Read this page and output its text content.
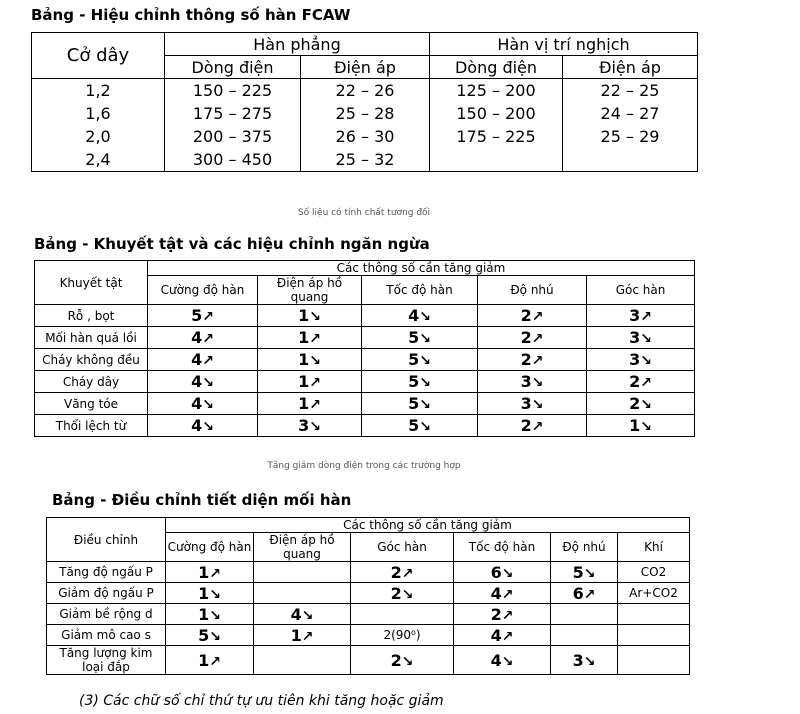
Bảng - Hiệu chỉnh thông số hàn FCAW
Cở dây	Hàn phẳng		Hàn vị trí nghịch	
	Dòng điện	Điện áp	Dòng điện	Điện áp
1,2	150 – 225	22 – 26	125 – 200	22 – 25
1,6	175 – 275	25 – 28	150 – 200	24 – 27
2,0	200 – 375	26 – 30	175 – 225	25 – 29
2,4	300 – 450	25 – 32		
Số liệu có tính chất tương đối
Bảng - Khuyết tật và các hiệu chỉnh ngăn ngừa
Khuyết tật	Các thông số cần tăng giảm				
	Cường độ hàn	Điện áp hồ quang	Tốc độ hàn	Độ nhú	Góc hàn
Rỗ , bọt	5↗	1↘	4↘	2↗	3↗
Mối hàn quá lồi	4↗	1↗	5↘	2↗	3↘
Cháy không đều	4↗	1↘	5↘	2↗	3↘
Cháy dây	4↘	1↗	5↘	3↘	2↗
Văng tóe	4↘	1↗	5↘	3↘	2↘
Thổi lệch từ	4↘	3↘	5↘	2↗	1↘
Tăng giảm dòng điện trong các trường hợp
Bảng - Điều chỉnh tiết diện mối hàn
Điều chỉnh	Các thông số cần tăng giảm					
	Cường độ hàn	Điện áp hồ quang	Góc hàn	Tốc độ hàn	Độ nhú	Khí
Tăng độ ngấu P	1↗		2↗	6↘	5↘	CO2
Giảm độ ngấu P	1↘		2↘	4↗	6↗	Ar+CO2
Giảm bề rộng d	1↘	4↘		2↗		
Giảm mô cao s	5↘	1↗	2(90⁰)	4↗		
Tăng lượng kim loại đắp	1↗		2↘	4↘	3↘	
(3) Các chữ số chỉ thứ tự ưu tiên khi tăng hoặc giảm
